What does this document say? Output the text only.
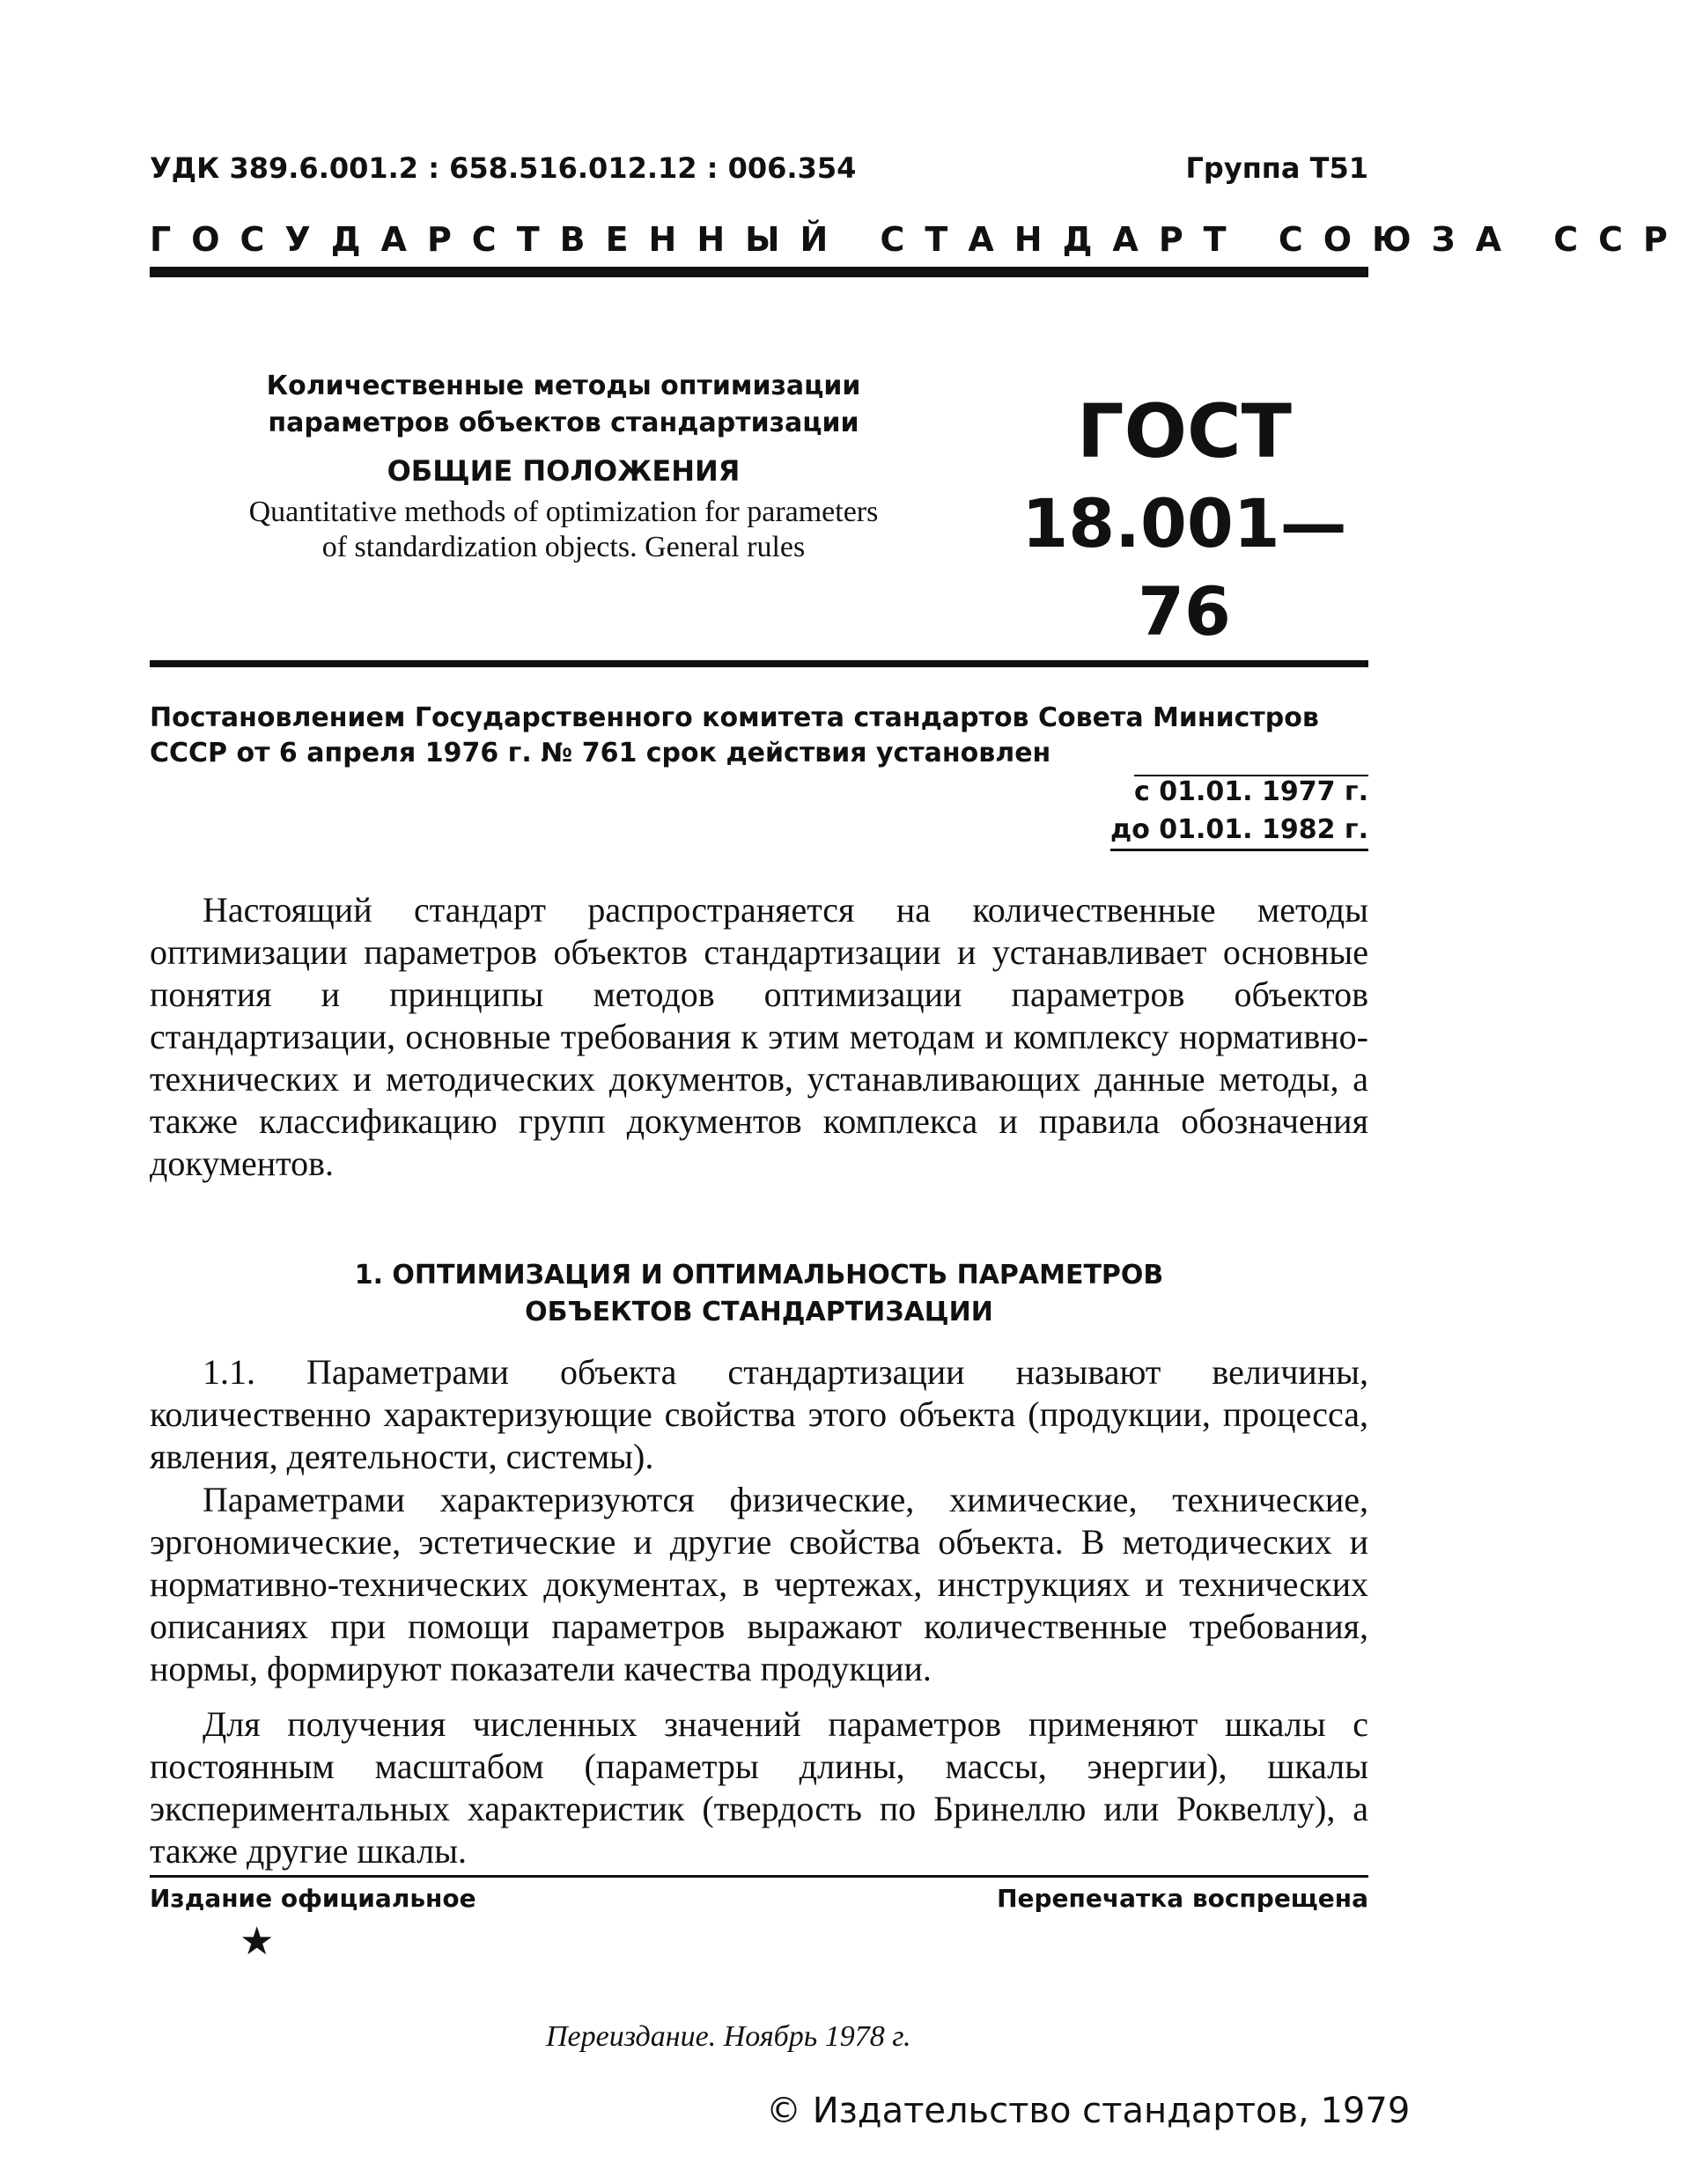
УДК 389.6.001.2 : 658.516.012.12 : 006.354	Группа Т51
ГОСУДАРСТВЕННЫЙ СТАНДАРТ СОЮЗА ССР
Количественные методы оптимизации
параметров объектов стандартизации
ОБЩИЕ ПОЛОЖЕНИЯ
Quantitative methods of optimization for parameters
of standardization objects. General rules
ГОСТ
18.001—76
Постановлением Государственного комитета стандартов Совета Министров СССР от 6 апреля 1976 г. № 761 срок действия установлен
с 01.01. 1977 г.
до 01.01. 1982 г.

Настоящий стандарт распространяется на количественные методы оптимизации параметров объектов стандартизации и устанавливает основные понятия и принципы методов оптимизации параметров объектов стандартизации, основные требования к этим методам и комплексу нормативно-технических и методических документов, устанавливающих данные методы, а также классификацию групп документов комплекса и правила обозначения документов.

1. ОПТИМИЗАЦИЯ И ОПТИМАЛЬНОСТЬ ПАРАМЕТРОВ
ОБЪЕКТОВ СТАНДАРТИЗАЦИИ

1.1. Параметрами объекта стандартизации называют величины, количественно характеризующие свойства этого объекта (продукции, процесса, явления, деятельности, системы).

Параметрами характеризуются физические, химические, технические, эргономические, эстетические и другие свойства объекта. В методических и нормативно-технических документах, в чертежах, инструкциях и технических описаниях при помощи параметров выражают количественные требования, нормы, формируют показатели качества продукции.

Для получения численных значений параметров применяют шкалы с постоянным масштабом (параметры длины, массы, энергии), шкалы экспериментальных характеристик (твердость по Бринеллю или Роквеллу), а также другие шкалы.

Издание официальное	Перепечатка воспрещена
★
Переиздание. Ноябрь 1978 г.
© Издательство стандартов, 1979
